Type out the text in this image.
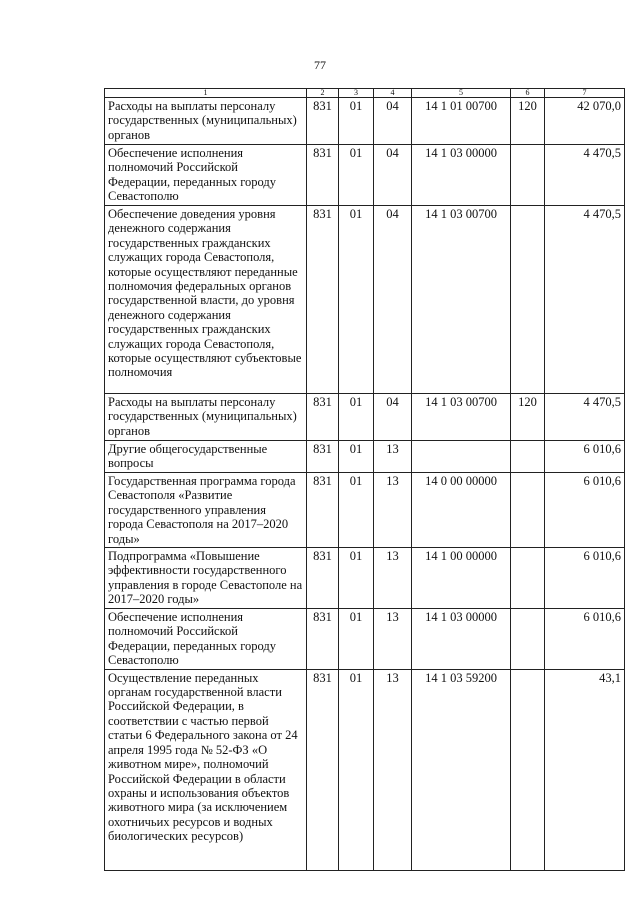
77
1	2	3	4	5	6	7
Расходы на выплаты персоналу государственных (муниципальных) органов	831	01	04	14 1 01 00700	120	42 070,0
Обеспечение исполнения полномочий Российской Федерации, переданных городу Севастополю	831	01	04	14 1 03 00000		4 470,5
Обеспечение доведения уровня денежного содержания государственных гражданских служащих города Севастополя, которые осуществляют переданные полномочия федеральных органов государственной власти, до уровня денежного содержания государственных гражданских служащих города Севастополя, которые осуществляют субъектовые полномочия	831	01	04	14 1 03 00700		4 470,5
Расходы на выплаты персоналу государственных (муниципальных) органов	831	01	04	14 1 03 00700	120	4 470,5
Другие общегосударственные вопросы	831	01	13			6 010,6
Государственная программа города Севастополя «Развитие государственного управления города Севастополя на 2017–2020 годы»	831	01	13	14 0 00 00000		6 010,6
Подпрограмма «Повышение эффективности государственного управления в городе Севастополе на 2017–2020 годы»	831	01	13	14 1 00 00000		6 010,6
Обеспечение исполнения полномочий Российской Федерации, переданных городу Севастополю	831	01	13	14 1 03 00000		6 010,6
Осуществление переданных органам государственной власти Российской Федерации, в соответствии с частью первой статьи 6 Федерального закона от 24 апреля 1995 года № 52-ФЗ «О животном мире», полномочий Российской Федерации в области охраны и использования объектов животного мира (за исключением охотничьих ресурсов и водных биологических ресурсов)	831	01	13	14 1 03 59200		43,1
